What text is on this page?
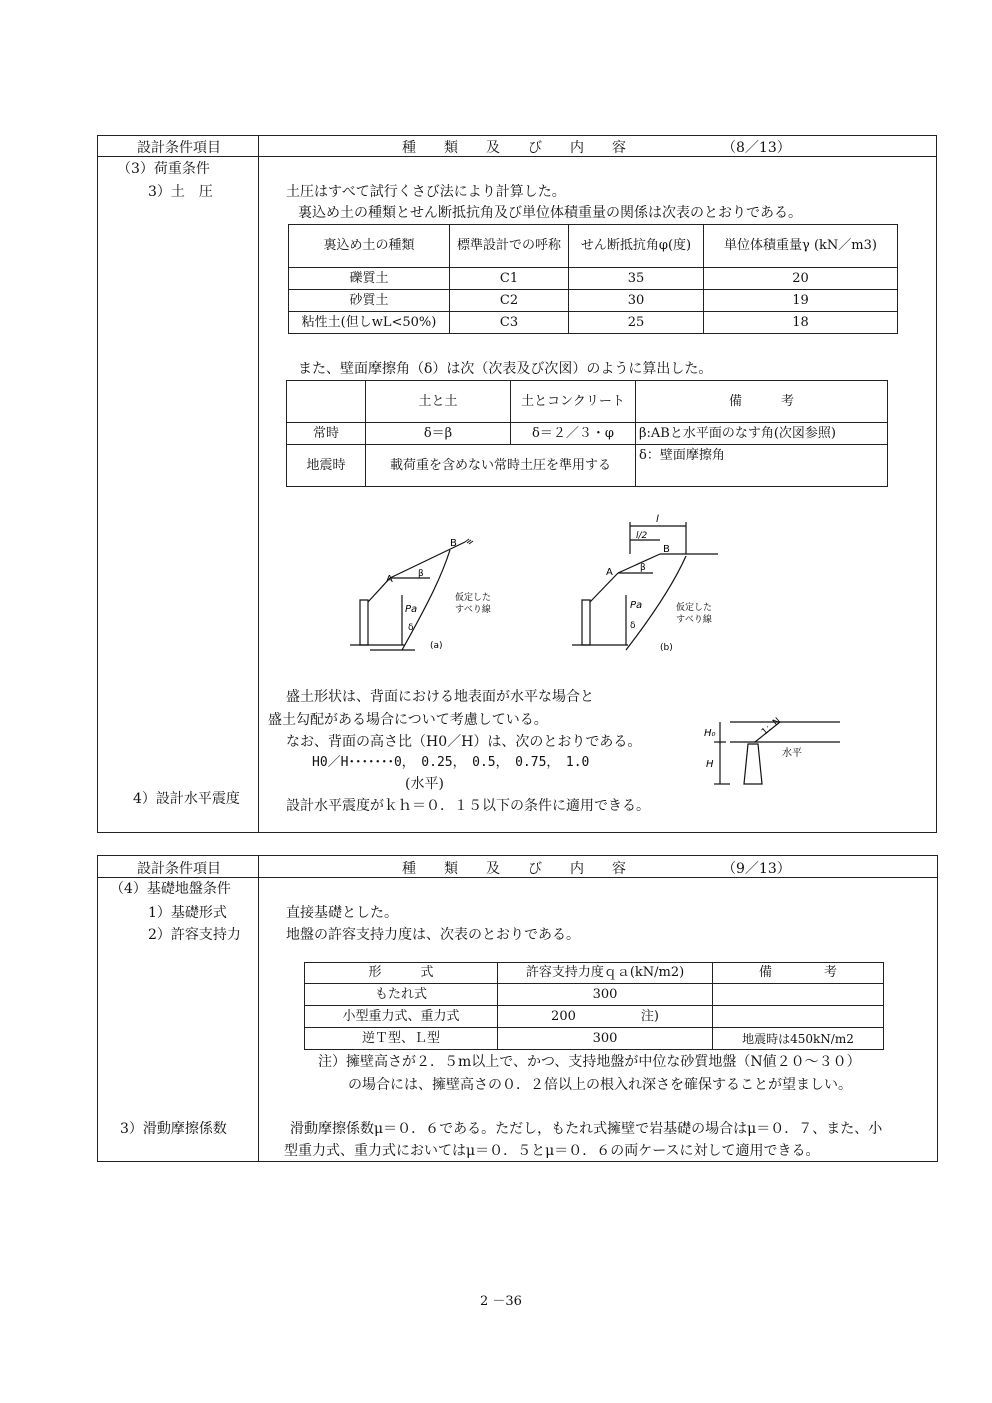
設計条件項目	種　　類　　及　　び　　内　　容	（8／13）
（3）荷重条件
3）土　圧
4）設計水平震度
土圧はすべて試行くさび法により計算した。
裏込め土の種類とせん断抵抗角及び単位体積重量の関係は次表のとおりである。
裏込め土の種類	標準設計での呼称	せん断抵抗角φ(度)	単位体積重量γ (kN／m3)
礫質土	C1	35	20
砂質土	C2	30	19
粘性土(但しwL<50%)	C3	25	18
また、壁面摩擦角（δ）は次（次表及び次図）のように算出した。
	土と土	土とコンクリート	備　　　考
常時	δ＝β	δ＝２／３・φ	β:ABと水平面のなす角(次図参照)
地震時	載荷重を含めない常時土圧を準用する		δ：壁面摩擦角
B
A	β
Pa
δ
仮定した
すべり線
(a)
l
l/2
B
A	β
Pa
δ
仮定した
すべり線
(b)
盛土形状は、背面における地表面が水平な場合と
盛土勾配がある場合について考慮している。
なお、背面の高さ比（H0／H）は、次のとおりである。
H0／H･･･････0，　0.25，　0.5，　0.75，　1.0
(水平)
設計水平震度がｋｈ＝０．１５以下の条件に適用できる。
H₀
H
1：N
水平
設計条件項目	種　　類　　及　　び　　内　　容	（9／13）
（4）基礎地盤条件
1）基礎形式
2）許容支持力
3）滑動摩擦係数
直接基礎とした。
地盤の許容支持力度は、次表のとおりである。
形　　　式	許容支持力度ｑａ(kN/m2)	備　　　　考
もたれ式	300	
小型重力式、重力式	200　　　　　注)	
逆Ｔ型、Ｌ型	300	地震時は450kN/m2
注）擁壁高さが２．５m以上で、かつ、支持地盤が中位な砂質地盤（N値２０～３０）
の場合には、擁壁高さの０．２倍以上の根入れ深さを確保することが望ましい。
滑動摩擦係数μ＝０．６である。ただし，もたれ式擁壁で岩基礎の場合はμ＝０．７、また、小
型重力式、重力式においてはμ＝０．５とμ＝０．６の両ケースに対して適用できる。
2 －36
